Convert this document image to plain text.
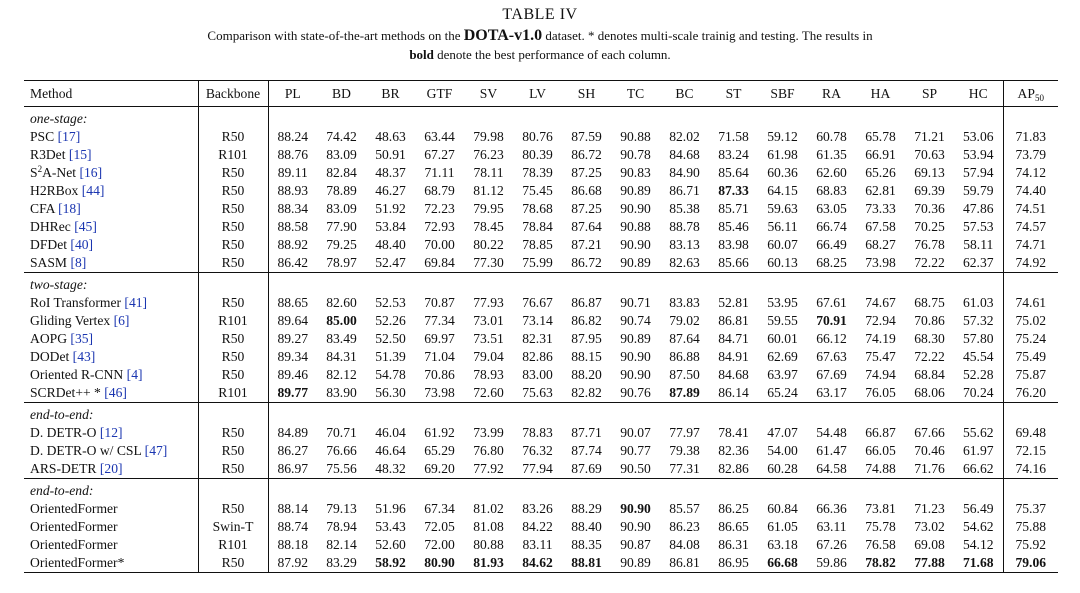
TABLE IV
Comparison with state-of-the-art methods on the DOTA-v1.0 dataset. * denotes multi-scale trainig and testing. The results in
bold denote the best performance of each column.
Method	Backbone	PL	BD	BR	GTF	SV	LV	SH	TC	BC	ST	SBF	RA	HA	SP	HC	$AP_{50}$
one-stage:																	
PSC [17]	R50	88.24	74.42	48.63	63.44	79.98	80.76	87.59	90.88	82.02	71.58	59.12	60.78	65.78	71.21	53.06	71.83
R3Det [15]	R101	88.76	83.09	50.91	67.27	76.23	80.39	86.72	90.78	84.68	83.24	61.98	61.35	66.91	70.63	53.94	73.79
$S^2A$-Net [16]	R50	89.11	82.84	48.37	71.11	78.11	78.39	87.25	90.83	84.90	85.64	60.36	62.60	65.26	69.13	57.94	74.12
H2RBox [44]	R50	88.93	78.89	46.27	68.79	81.12	75.45	86.68	90.89	86.71	87.33	64.15	68.83	62.81	69.39	59.79	74.40
CFA [18]	R50	88.34	83.09	51.92	72.23	79.95	78.68	87.25	90.90	85.38	85.71	59.63	63.05	73.33	70.36	47.86	74.51
DHRec [45]	R50	88.58	77.90	53.84	72.93	78.45	78.84	87.64	90.88	88.78	85.46	56.11	66.74	67.58	70.25	57.53	74.57
DFDet [40]	R50	88.92	79.25	48.40	70.00	80.22	78.85	87.21	90.90	83.13	83.98	60.07	66.49	68.27	76.78	58.11	74.71
SASM [8]	R50	86.42	78.97	52.47	69.84	77.30	75.99	86.72	90.89	82.63	85.66	60.13	68.25	73.98	72.22	62.37	74.92
two-stage:																	
RoI Transformer [41]	R50	88.65	82.60	52.53	70.87	77.93	76.67	86.87	90.71	83.83	52.81	53.95	67.61	74.67	68.75	61.03	74.61
Gliding Vertex [6]	R101	89.64	85.00	52.26	77.34	73.01	73.14	86.82	90.74	79.02	86.81	59.55	70.91	72.94	70.86	57.32	75.02
AOPG [35]	R50	89.27	83.49	52.50	69.97	73.51	82.31	87.95	90.89	87.64	84.71	60.01	66.12	74.19	68.30	57.80	75.24
DODet [43]	R50	89.34	84.31	51.39	71.04	79.04	82.86	88.15	90.90	86.88	84.91	62.69	67.63	75.47	72.22	45.54	75.49
Oriented R-CNN [4]	R50	89.46	82.12	54.78	70.86	78.93	83.00	88.20	90.90	87.50	84.68	63.97	67.69	74.94	68.84	52.28	75.87
SCRDet++ * [46]	R101	89.77	83.90	56.30	73.98	72.60	75.63	82.82	90.76	87.89	86.14	65.24	63.17	76.05	68.06	70.24	76.20
end-to-end:																	
D. DETR-O [12]	R50	84.89	70.71	46.04	61.92	73.99	78.83	87.71	90.07	77.97	78.41	47.07	54.48	66.87	67.66	55.62	69.48
D. DETR-O w/ CSL [47]	R50	86.27	76.66	46.64	65.29	76.80	76.32	87.74	90.77	79.38	82.36	54.00	61.47	66.05	70.46	61.97	72.15
ARS-DETR [20]	R50	86.97	75.56	48.32	69.20	77.92	77.94	87.69	90.50	77.31	82.86	60.28	64.58	74.88	71.76	66.62	74.16
end-to-end:																	
OrientedFormer	R50	88.14	79.13	51.96	67.34	81.02	83.26	88.29	90.90	85.57	86.25	60.84	66.36	73.81	71.23	56.49	75.37
OrientedFormer	Swin-T	88.74	78.94	53.43	72.05	81.08	84.22	88.40	90.90	86.23	86.65	61.05	63.11	75.78	73.02	54.62	75.88
OrientedFormer	R101	88.18	82.14	52.60	72.00	80.88	83.11	88.35	90.87	84.08	86.31	63.18	67.26	76.58	69.08	54.12	75.92
OrientedFormer*	R50	87.92	83.29	58.92	80.90	81.93	84.62	88.81	90.89	86.81	86.95	66.68	59.86	78.82	77.88	71.68	79.06
